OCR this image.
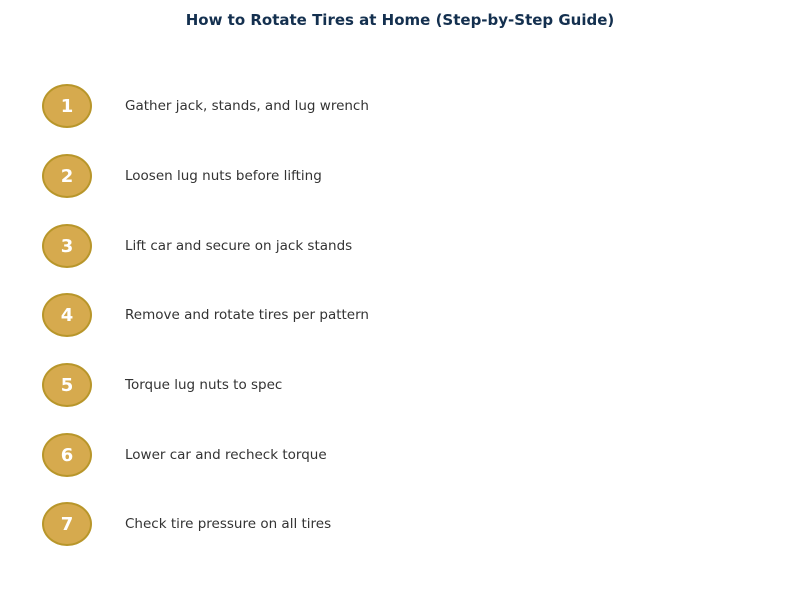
How to Rotate Tires at Home (Step-by-Step Guide)
1	Gather jack, stands, and lug wrench
2	Loosen lug nuts before lifting
3	Lift car and secure on jack stands
4	Remove and rotate tires per pattern
5	Torque lug nuts to spec
6	Lower car and recheck torque
7	Check tire pressure on all tires
